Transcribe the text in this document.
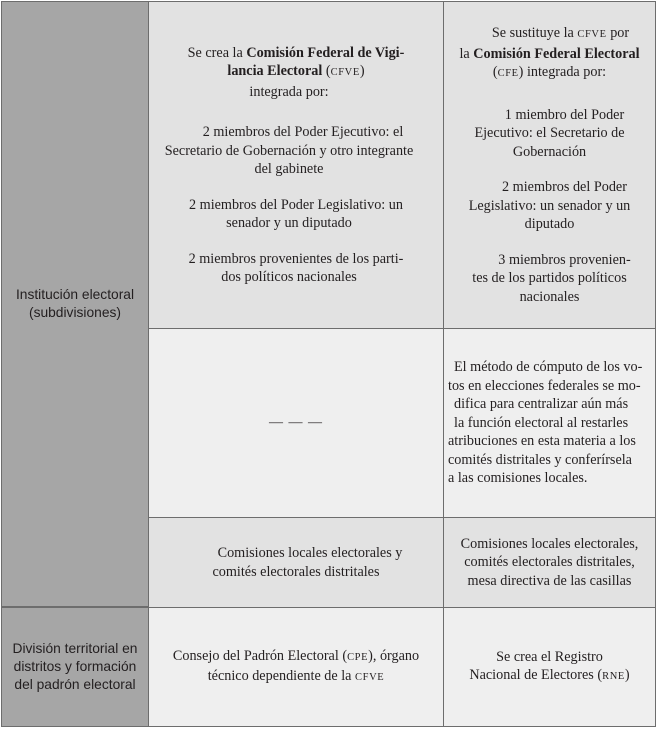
Institución electoral
(subdivisiones)
Se crea la Comisión Federal de Vigi-
lancia Electoral (CFVE)
integrada por:
2 miembros del Poder Ejecutivo: el
Secretario de Gobernación y otro integrante
del gabinete
2 miembros del Poder Legislativo: un
senador y un diputado
2 miembros provenientes de los parti-
dos políticos nacionales
Se sustituye la CFVE por
la Comisión Federal Electoral
(CFE) integrada por:
1 miembro del Poder
Ejecutivo: el Secretario de
Gobernación
2 miembros del Poder
Legislativo: un senador y un
diputado
3 miembros provenien-
tes de los partidos políticos
nacionales
— — —
El método de cómputo de los vo-
tos en elecciones federales se mo-
difica para centralizar aún más
la función electoral al restarles
atribuciones en esta materia a los
comités distritales y conferírsela
a las comisiones locales.
Comisiones locales electorales y
comités electorales distritales
Comisiones locales electorales,
comités electorales distritales,
mesa directiva de las casillas
División territorial en
distritos y formación
del padrón electoral
Consejo del Padrón Electoral (CPE), órgano
técnico dependiente de la CFVE
Se crea el Registro
Nacional de Electores (RNE)
